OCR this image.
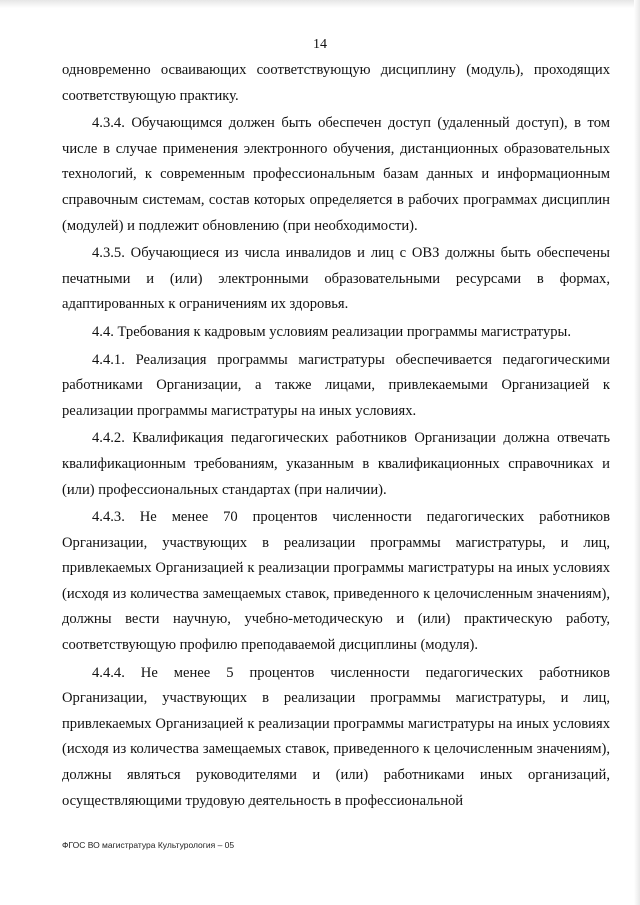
14

одновременно осваивающих соответствующую дисциплину (модуль), проходящих соответствующую практику.

4.3.4. Обучающимся должен быть обеспечен доступ (удаленный доступ), в том числе в случае применения электронного обучения, дистанционных образовательных технологий, к современным профессиональным базам данных и информационным справочным системам, состав которых определяется в рабочих программах дисциплин (модулей) и подлежит обновлению (при необходимости).

4.3.5. Обучающиеся из числа инвалидов и лиц с ОВЗ должны быть обеспечены печатными и (или) электронными образовательными ресурсами в формах, адаптированных к ограничениям их здоровья.

4.4. Требования к кадровым условиям реализации программы магистратуры.

4.4.1. Реализация программы магистратуры обеспечивается педагогическими работниками Организации, а также лицами, привлекаемыми Организацией к реализации программы магистратуры на иных условиях.

4.4.2. Квалификация педагогических работников Организации должна отвечать квалификационным требованиям, указанным в квалификационных справочниках и (или) профессиональных стандартах (при наличии).

4.4.3. Не менее 70 процентов численности педагогических работников Организации, участвующих в реализации программы магистратуры, и лиц, привлекаемых Организацией к реализации программы магистратуры на иных условиях (исходя из количества замещаемых ставок, приведенного к целочисленным значениям), должны вести научную, учебно-методическую и (или) практическую работу, соответствующую профилю преподаваемой дисциплины (модуля).

4.4.4. Не менее 5 процентов численности педагогических работников Организации, участвующих в реализации программы магистратуры, и лиц, привлекаемых Организацией к реализации программы магистратуры на иных условиях (исходя из количества замещаемых ставок, приведенного к целочисленным значениям), должны являться руководителями и (или) работниками иных организаций, осуществляющими трудовую деятельность в профессиональной

ФГОС ВО магистратура Культурология – 05
